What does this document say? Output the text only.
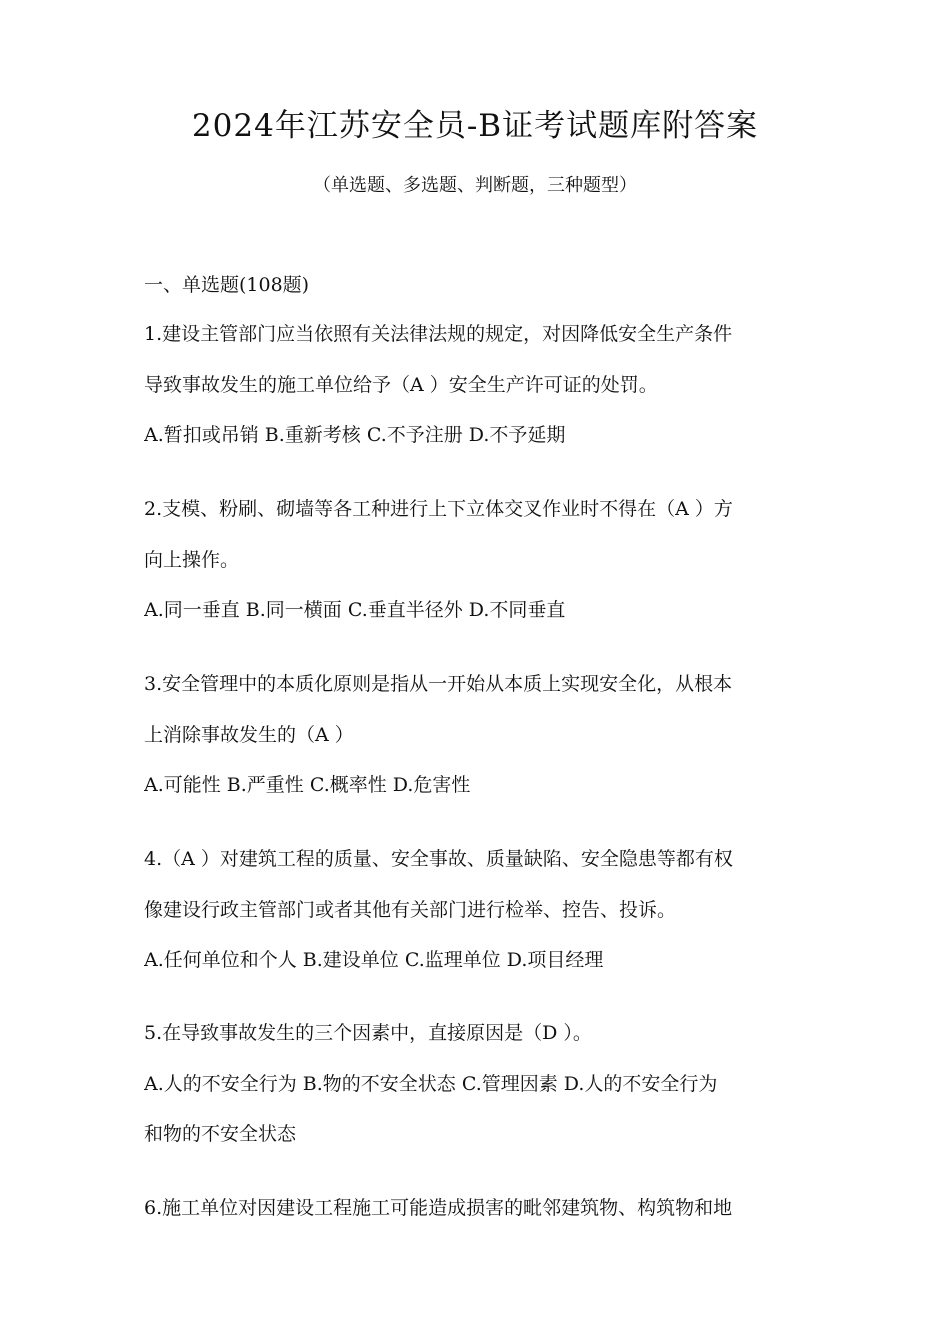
2024年江苏安全员-B证考试题库附答案
（单选题、多选题、判断题，三种题型）
一、单选题(108题)
1.建设主管部门应当依照有关法律法规的规定，对因降低安全生产条件
导致事故发生的施工单位给予（A ）安全生产许可证的处罚。
A.暂扣或吊销 B.重新考核 C.不予注册 D.不予延期
2.支模、粉刷、砌墙等各工种进行上下立体交叉作业时不得在（A ）方
向上操作。
A.同一垂直 B.同一横面 C.垂直半径外 D.不同垂直
3.安全管理中的本质化原则是指从一开始从本质上实现安全化，从根本
上消除事故发生的（A ）
A.可能性 B.严重性 C.概率性 D.危害性
4.（A ）对建筑工程的质量、安全事故、质量缺陷、安全隐患等都有权
像建设行政主管部门或者其他有关部门进行检举、控告、投诉。
A.任何单位和个人 B.建设单位 C.监理单位 D.项目经理
5.在导致事故发生的三个因素中，直接原因是（D ）。
A.人的不安全行为 B.物的不安全状态 C.管理因素 D.人的不安全行为
和物的不安全状态
6.施工单位对因建设工程施工可能造成损害的毗邻建筑物、构筑物和地
